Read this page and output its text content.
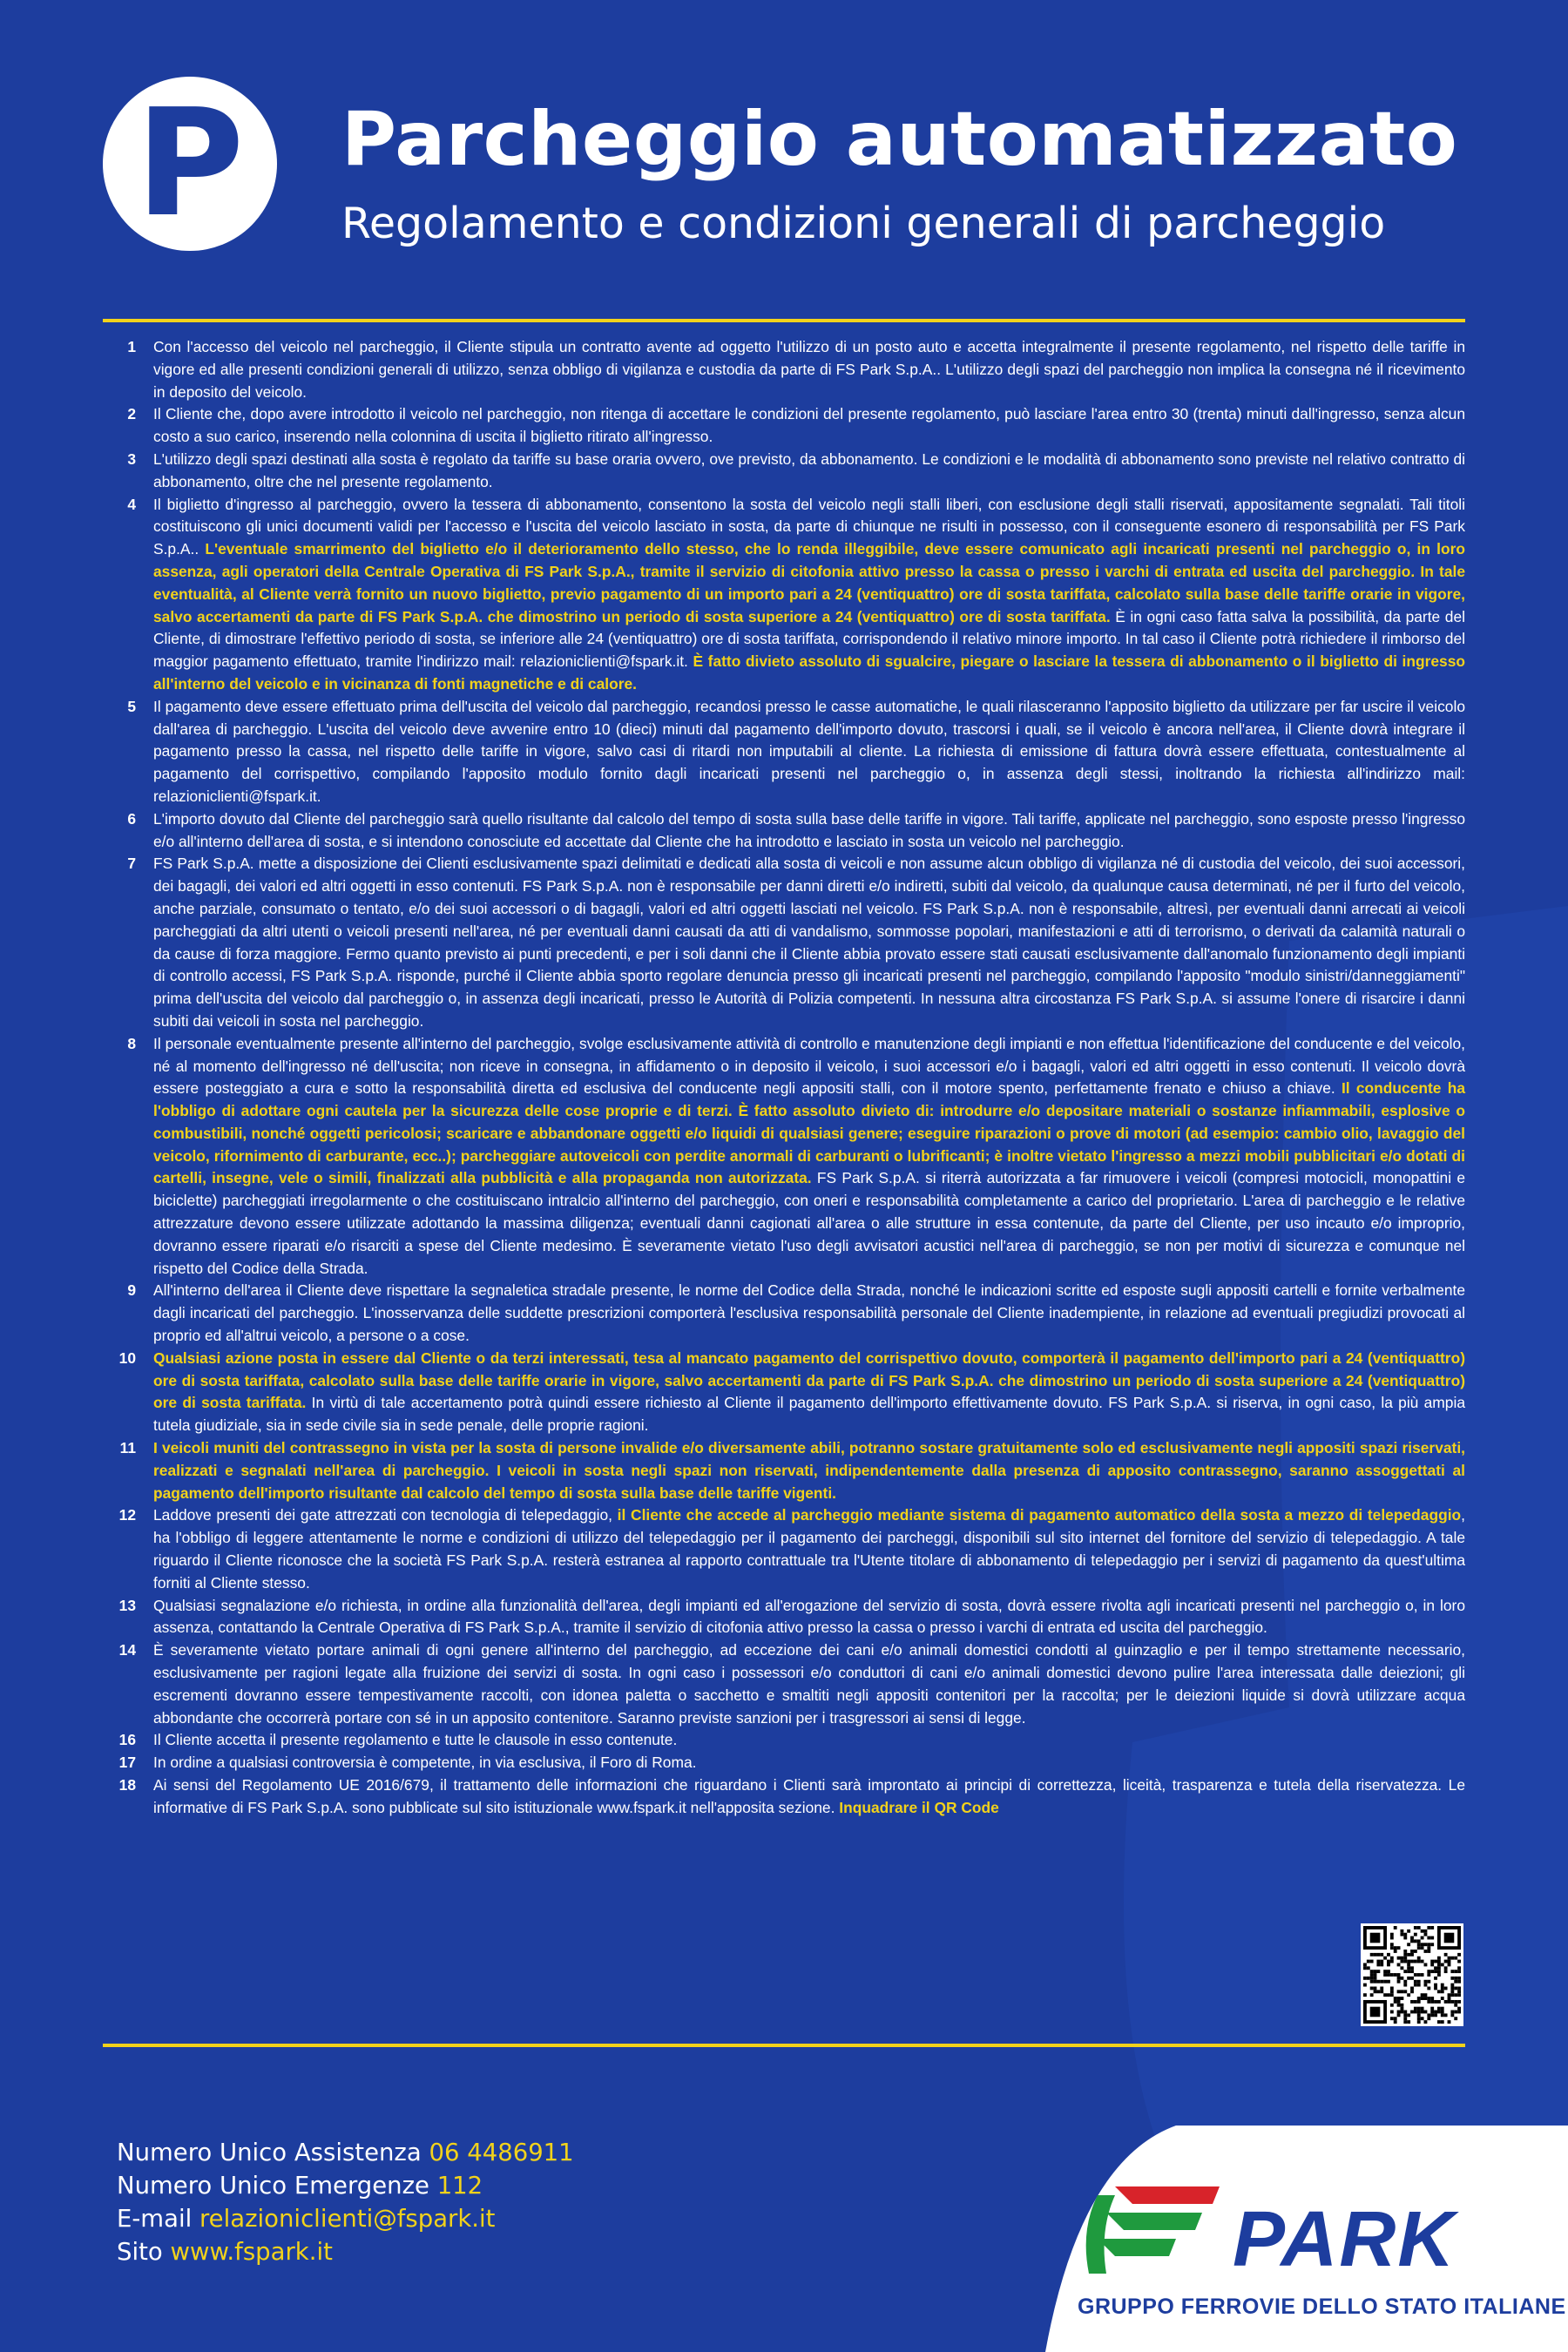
P	Parcheggio automatizzato
Regolamento e condizioni generali di parcheggio
1	Con l'accesso del veicolo nel parcheggio, il Cliente stipula un contratto avente ad oggetto l'utilizzo di un posto auto e accetta integralmente il presente regolamento, nel rispetto delle tariffe in vigore ed alle presenti condizioni generali di utilizzo, senza obbligo di vigilanza e custodia da parte di FS Park S.p.A.. L'utilizzo degli spazi del parcheggio non implica la consegna né il ricevimento in deposito del veicolo.
2	Il Cliente che, dopo avere introdotto il veicolo nel parcheggio, non ritenga di accettare le condizioni del presente regolamento, può lasciare l'area entro 30 (trenta) minuti dall'ingresso, senza alcun costo a suo carico, inserendo nella colonnina di uscita il biglietto ritirato all'ingresso.
3	L'utilizzo degli spazi destinati alla sosta è regolato da tariffe su base oraria ovvero, ove previsto, da abbonamento. Le condizioni e le modalità di abbonamento sono previste nel relativo contratto di abbonamento, oltre che nel presente regolamento.
4	Il biglietto d'ingresso al parcheggio, ovvero la tessera di abbonamento, consentono la sosta del veicolo negli stalli liberi, con esclusione degli stalli riservati, appositamente segnalati. Tali titoli costituiscono gli unici documenti validi per l'accesso e l'uscita del veicolo lasciato in sosta, da parte di chiunque ne risulti in possesso, con il conseguente esonero di responsabilità per FS Park S.p.A.. L'eventuale smarrimento del biglietto e/o il deterioramento dello stesso, che lo renda illeggibile, deve essere comunicato agli incaricati presenti nel parcheggio o, in loro assenza, agli operatori della Centrale Operativa di FS Park S.p.A., tramite il servizio di citofonia attivo presso la cassa o presso i varchi di entrata ed uscita del parcheggio. In tale eventualità, al Cliente verrà fornito un nuovo biglietto, previo pagamento di un importo pari a 24 (ventiquattro) ore di sosta tariffata, calcolato sulla base delle tariffe orarie in vigore, salvo accertamenti da parte di FS Park S.p.A. che dimostrino un periodo di sosta superiore a 24 (ventiquattro) ore di sosta tariffata. È in ogni caso fatta salva la possibilità, da parte del Cliente, di dimostrare l'effettivo periodo di sosta, se inferiore alle 24 (ventiquattro) ore di sosta tariffata, corrispondendo il relativo minore importo. In tal caso il Cliente potrà richiedere il rimborso del maggior pagamento effettuato, tramite l'indirizzo mail: relazioniclienti@fspark.it. È fatto divieto assoluto di sgualcire, piegare o lasciare la tessera di abbonamento o il biglietto di ingresso all'interno del veicolo e in vicinanza di fonti magnetiche e di calore.
5	Il pagamento deve essere effettuato prima dell'uscita del veicolo dal parcheggio, recandosi presso le casse automatiche, le quali rilasceranno l'apposito biglietto da utilizzare per far uscire il veicolo dall'area di parcheggio. L'uscita del veicolo deve avvenire entro 10 (dieci) minuti dal pagamento dell'importo dovuto, trascorsi i quali, se il veicolo è ancora nell'area, il Cliente dovrà integrare il pagamento presso la cassa, nel rispetto delle tariffe in vigore, salvo casi di ritardi non imputabili al cliente. La richiesta di emissione di fattura dovrà essere effettuata, contestualmente al pagamento del corrispettivo, compilando l'apposito modulo fornito dagli incaricati presenti nel parcheggio o, in assenza degli stessi, inoltrando la richiesta all'indirizzo mail: relazioniclienti@fspark.it.
6	L'importo dovuto dal Cliente del parcheggio sarà quello risultante dal calcolo del tempo di sosta sulla base delle tariffe in vigore. Tali tariffe, applicate nel parcheggio, sono esposte presso l'ingresso e/o all'interno dell'area di sosta, e si intendono conosciute ed accettate dal Cliente che ha introdotto e lasciato in sosta un veicolo nel parcheggio.
7	FS Park S.p.A. mette a disposizione dei Clienti esclusivamente spazi delimitati e dedicati alla sosta di veicoli e non assume alcun obbligo di vigilanza né di custodia del veicolo, dei suoi accessori, dei bagagli, dei valori ed altri oggetti in esso contenuti. FS Park S.p.A. non è responsabile per danni diretti e/o indiretti, subiti dal veicolo, da qualunque causa determinati, né per il furto del veicolo, anche parziale, consumato o tentato, e/o dei suoi accessori o di bagagli, valori ed altri oggetti lasciati nel veicolo. FS Park S.p.A. non è responsabile, altresì, per eventuali danni arrecati ai veicoli parcheggiati da altri utenti o veicoli presenti nell'area, né per eventuali danni causati da atti di vandalismo, sommosse popolari, manifestazioni e atti di terrorismo, o derivati da calamità naturali o da cause di forza maggiore. Fermo quanto previsto ai punti precedenti, e per i soli danni che il Cliente abbia provato essere stati causati esclusivamente dall'anomalo funzionamento degli impianti di controllo accessi, FS Park S.p.A. risponde, purché il Cliente abbia sporto regolare denuncia presso gli incaricati presenti nel parcheggio, compilando l'apposito "modulo sinistri/danneggiamenti" prima dell'uscita del veicolo dal parcheggio o, in assenza degli incaricati, presso le Autorità di Polizia competenti. In nessuna altra circostanza FS Park S.p.A. si assume l'onere di risarcire i danni subiti dai veicoli in sosta nel parcheggio.
8	Il personale eventualmente presente all'interno del parcheggio, svolge esclusivamente attività di controllo e manutenzione degli impianti e non effettua l'identificazione del conducente e del veicolo, né al momento dell'ingresso né dell'uscita; non riceve in consegna, in affidamento o in deposito il veicolo, i suoi accessori e/o i bagagli, valori ed altri oggetti in esso contenuti. Il veicolo dovrà essere posteggiato a cura e sotto la responsabilità diretta ed esclusiva del conducente negli appositi stalli, con il motore spento, perfettamente frenato e chiuso a chiave. Il conducente ha l'obbligo di adottare ogni cautela per la sicurezza delle cose proprie e di terzi. È fatto assoluto divieto di: introdurre e/o depositare materiali o sostanze infiammabili, esplosive o combustibili, nonché oggetti pericolosi; scaricare e abbandonare oggetti e/o liquidi di qualsiasi genere; eseguire riparazioni o prove di motori (ad esempio: cambio olio, lavaggio del veicolo, rifornimento di carburante, ecc..); parcheggiare autoveicoli con perdite anormali di carburanti o lubrificanti; è inoltre vietato l'ingresso a mezzi mobili pubblicitari e/o dotati di cartelli, insegne, vele o simili, finalizzati alla pubblicità e alla propaganda non autorizzata. FS Park S.p.A. si riterrà autorizzata a far rimuovere i veicoli (compresi motocicli, monopattini e biciclette) parcheggiati irregolarmente o che costituiscano intralcio all'interno del parcheggio, con oneri e responsabilità completamente a carico del proprietario. L'area di parcheggio e le relative attrezzature devono essere utilizzate adottando la massima diligenza; eventuali danni cagionati all'area o alle strutture in essa contenute, da parte del Cliente, per uso incauto e/o improprio, dovranno essere riparati e/o risarciti a spese del Cliente medesimo. È severamente vietato l'uso degli avvisatori acustici nell'area di parcheggio, se non per motivi di sicurezza e comunque nel rispetto del Codice della Strada.
9	All'interno dell'area il Cliente deve rispettare la segnaletica stradale presente, le norme del Codice della Strada, nonché le indicazioni scritte ed esposte sugli appositi cartelli e fornite verbalmente dagli incaricati del parcheggio. L'inosservanza delle suddette prescrizioni comporterà l'esclusiva responsabilità personale del Cliente inadempiente, in relazione ad eventuali pregiudizi provocati al proprio ed all'altrui veicolo, a persone o a cose.
10	Qualsiasi azione posta in essere dal Cliente o da terzi interessati, tesa al mancato pagamento del corrispettivo dovuto, comporterà il pagamento dell'importo pari a 24 (ventiquattro) ore di sosta tariffata, calcolato sulla base delle tariffe orarie in vigore, salvo accertamenti da parte di FS Park S.p.A. che dimostrino un periodo di sosta superiore a 24 (ventiquattro) ore di sosta tariffata. In virtù di tale accertamento potrà quindi essere richiesto al Cliente il pagamento dell'importo effettivamente dovuto. FS Park S.p.A. si riserva, in ogni caso, la più ampia tutela giudiziale, sia in sede civile sia in sede penale, delle proprie ragioni.
11	I veicoli muniti del contrassegno in vista per la sosta di persone invalide e/o diversamente abili, potranno sostare gratuitamente solo ed esclusivamente negli appositi spazi riservati, realizzati e segnalati nell'area di parcheggio. I veicoli in sosta negli spazi non riservati, indipendentemente dalla presenza di apposito contrassegno, saranno assoggettati al pagamento dell'importo risultante dal calcolo del tempo di sosta sulla base delle tariffe vigenti.
12	Laddove presenti dei gate attrezzati con tecnologia di telepedaggio, il Cliente che accede al parcheggio mediante sistema di pagamento automatico della sosta a mezzo di telepedaggio, ha l'obbligo di leggere attentamente le norme e condizioni di utilizzo del telepedaggio per il pagamento dei parcheggi, disponibili sul sito internet del fornitore del servizio di telepedaggio. A tale riguardo il Cliente riconosce che la società FS Park S.p.A. resterà estranea al rapporto contrattuale tra l'Utente titolare di abbonamento di telepedaggio per i servizi di pagamento da quest'ultima forniti al Cliente stesso.
13	Qualsiasi segnalazione e/o richiesta, in ordine alla funzionalità dell'area, degli impianti ed all'erogazione del servizio di sosta, dovrà essere rivolta agli incaricati presenti nel parcheggio o, in loro assenza, contattando la Centrale Operativa di FS Park S.p.A., tramite il servizio di citofonia attivo presso la cassa o presso i varchi di entrata ed uscita del parcheggio.
14	È severamente vietato portare animali di ogni genere all'interno del parcheggio, ad eccezione dei cani e/o animali domestici condotti al guinzaglio e per il tempo strettamente necessario, esclusivamente per ragioni legate alla fruizione dei servizi di sosta. In ogni caso i possessori e/o conduttori di cani e/o animali domestici devono pulire l'area interessata dalle deiezioni; gli escrementi dovranno essere tempestivamente raccolti, con idonea paletta o sacchetto e smaltiti negli appositi contenitori per la raccolta; per le deiezioni liquide si dovrà utilizzare acqua abbondante che occorrerà portare con sé in un apposito contenitore. Saranno previste sanzioni per i trasgressori ai sensi di legge.
16	Il Cliente accetta il presente regolamento e tutte le clausole in esso contenute.
17	In ordine a qualsiasi controversia è competente, in via esclusiva, il Foro di Roma.
18	Ai sensi del Regolamento UE 2016/679, il trattamento delle informazioni che riguardano i Clienti sarà improntato ai principi di correttezza, liceità, trasparenza e tutela della riservatezza. Le informative di FS Park S.p.A. sono pubblicate sul sito istituzionale www.fspark.it nell'apposita sezione. Inquadrare il QR Code
Numero Unico Assistenza 06 4486911
Numero Unico Emergenze 112
E-mail relazioniclienti@fspark.it
Sito www.fspark.it	PARK
GRUPPO FERROVIE DELLO STATO ITALIANE
